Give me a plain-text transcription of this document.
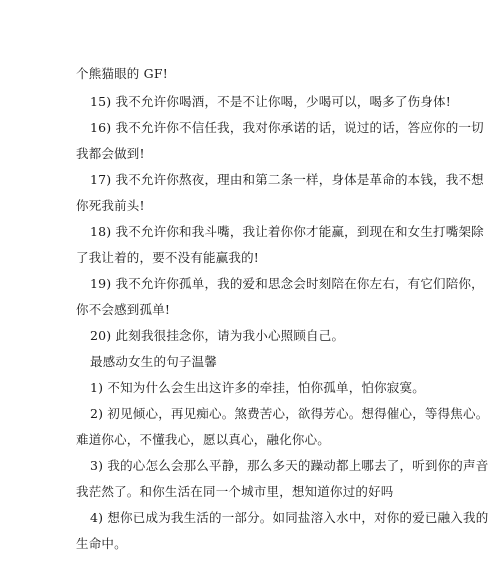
个熊猫眼的 GF!
15) 我不允许你喝酒，不是不让你喝，少喝可以，喝多了伤身体!
16) 我不允许你不信任我，我对你承诺的话，说过的话，答应你的一切
我都会做到!
17) 我不允许你熬夜，理由和第二条一样，身体是革命的本钱，我不想
你死我前头!
18) 我不允许你和我斗嘴，我让着你你才能赢，到现在和女生打嘴架除
了我让着的，要不没有能赢我的!
19) 我不允许你孤单，我的爱和思念会时刻陪在你左右，有它们陪你，
你不会感到孤单!
20) 此刻我很挂念你，请为我小心照顾自己。
最感动女生的句子温馨
1) 不知为什么会生出这许多的牵挂，怕你孤单，怕你寂寞。
2) 初见倾心，再见痴心。煞费苦心，欲得芳心。想得催心，等得焦心。
难道你心，不懂我心，愿以真心，融化你心。
3) 我的心怎么会那么平静，那么多天的躁动都上哪去了，听到你的声音
我茫然了。和你生活在同一个城市里，想知道你过的好吗
4) 想你已成为我生活的一部分。如同盐溶入水中，对你的爱已融入我的
生命中。
